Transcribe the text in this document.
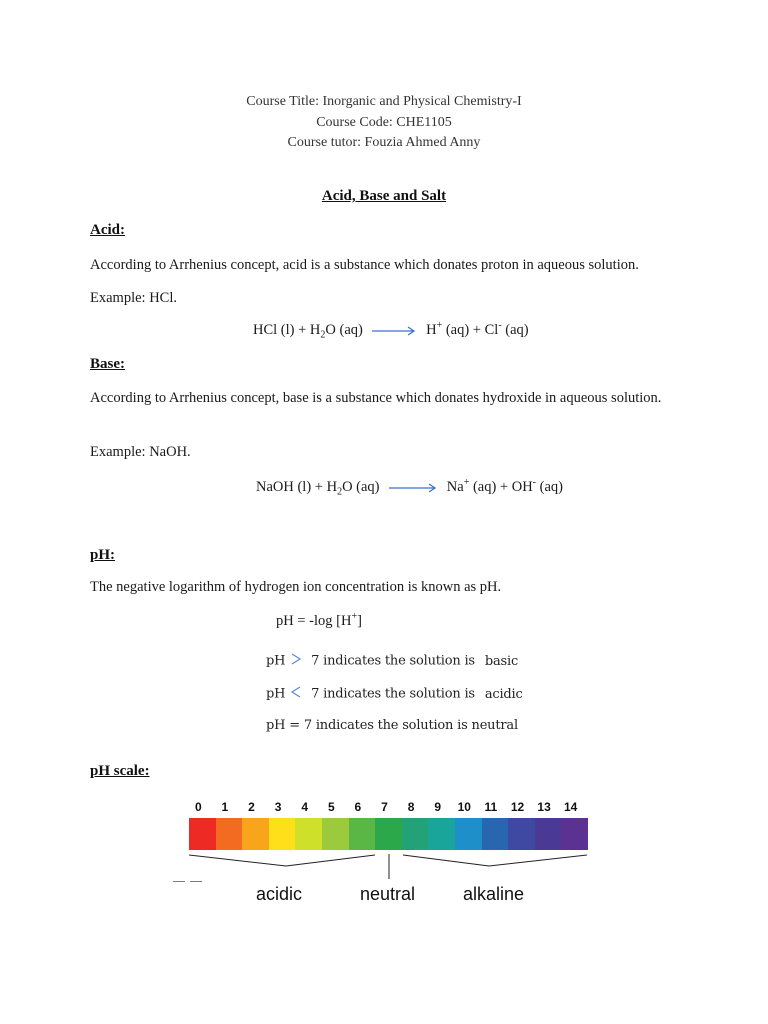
Course Title: Inorganic and Physical Chemistry-I
Course Code: CHE1105
Course tutor: Fouzia Ahmed Anny
Acid, Base and Salt
Acid:
According to Arrhenius concept, acid is a substance which donates proton in aqueous solution.
Example: HCl.
HCl $(l) + H_2O$ (aq) → H+ (aq) + Cl- (aq)
Base:
According to Arrhenius concept, base is a substance which donates hydroxide in aqueous solution.
Example: NaOH.
NaOH $(l) + H_2O$ (aq) → Na+ (aq) + OH- (aq)
pH:
The negative logarithm of hydrogen ion concentration is known as pH.
pH = -log [H+]
pH 7 indicates the solution is basic
pH 7 indicates the solution is acidic
pH = 7 indicates the solution is neutral
pH scale:
0	1	2	3	4	5	6	7	8	9	10	11	12	13	14
acidic	neutral	alkaline
— —
